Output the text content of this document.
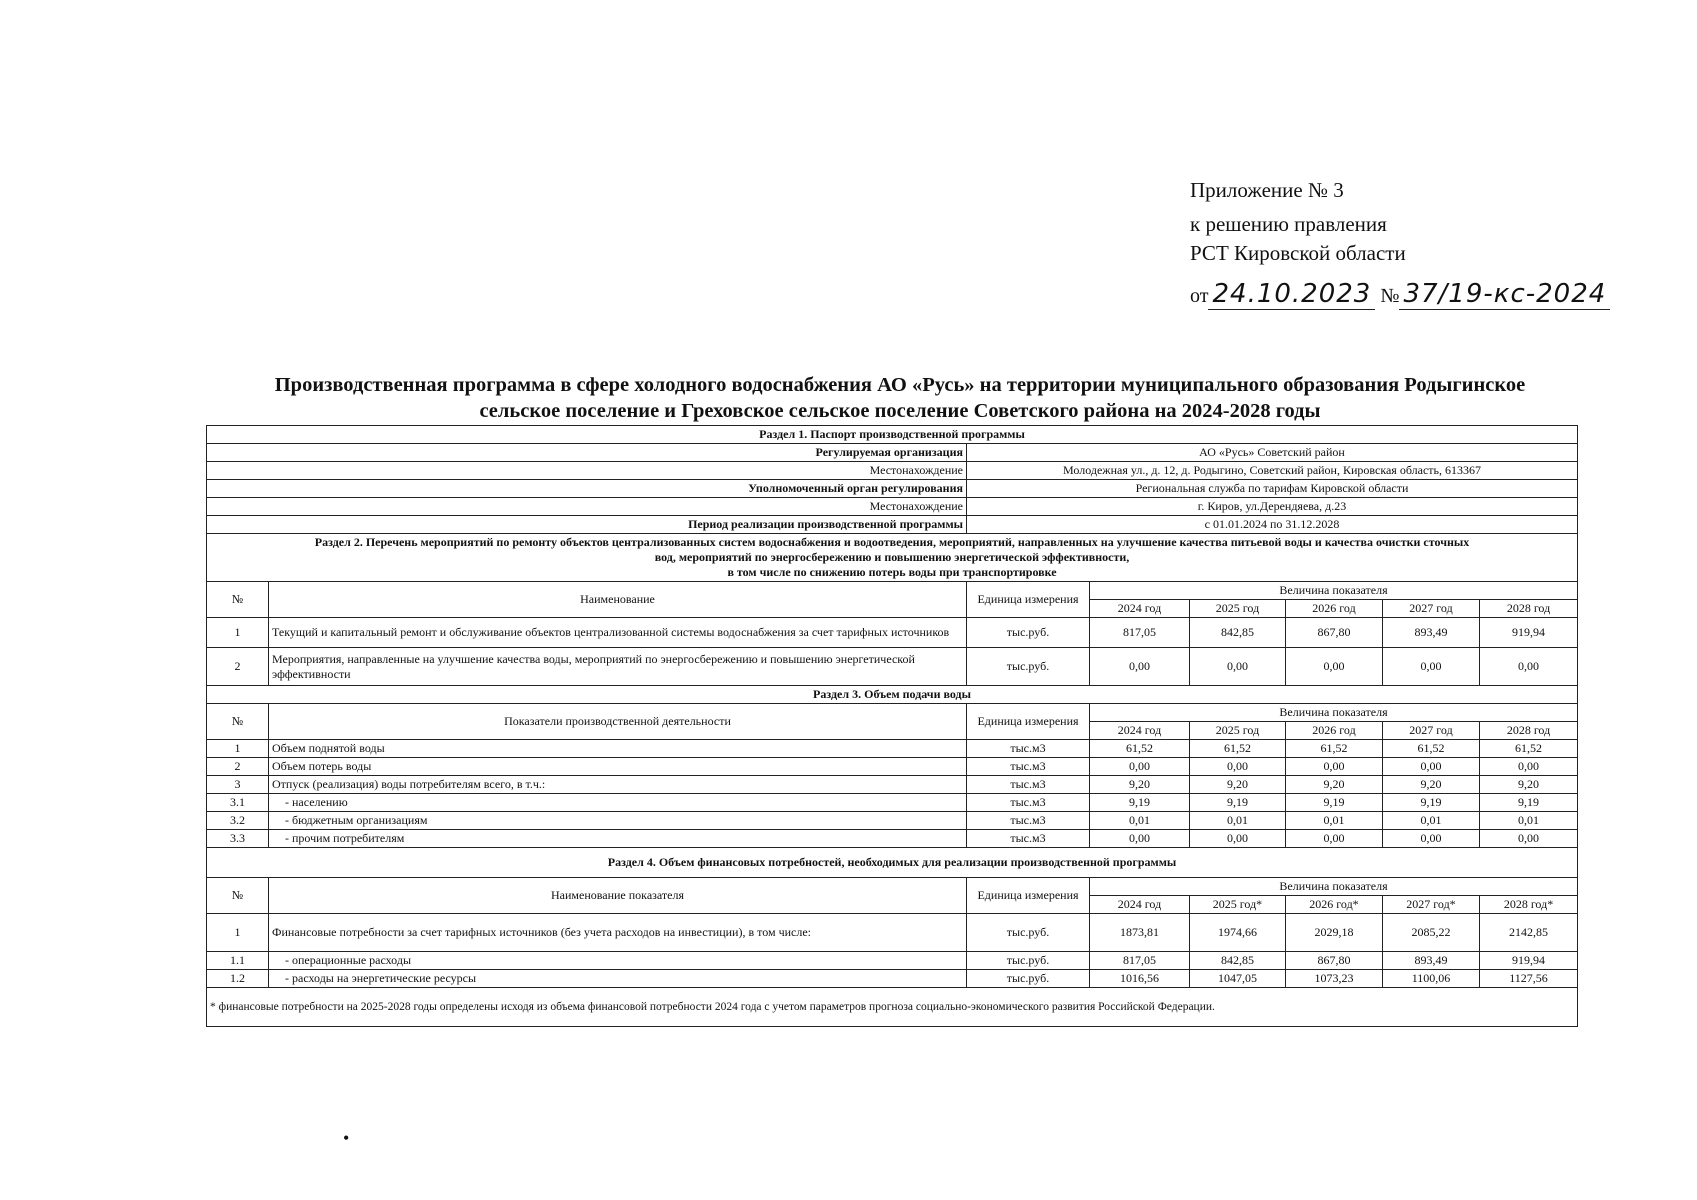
Приложение № 3
к решению правления
РСТ Кировской области
от 24.10.2023 № 37/19-кс-2024
Производственная программа в сфере холодного водоснабжения АО «Русь» на территории муниципального образования Родыгинское
сельское поселение и Греховское сельское поселение Советского района на 2024-2028 годы
Раздел 1. Паспорт производственной программы							
Регулируемая организация		АО «Русь» Советский район					
Местонахождение		Молодежная ул., д. 12, д. Родыгино, Советский район, Кировская область, 613367					
Уполномоченный орган регулирования		Региональная служба по тарифам Кировской области					
Местонахождение		г. Киров, ул.Дерендяева, д.23					
Период реализации производственной программы		с 01.01.2024 по 31.12.2028					

Раздел 2. Перечень мероприятий по ремонту объектов централизованных систем водоснабжения и водоотведения, мероприятий, направленных на улучшение качества питьевой воды и качества очистки сточных
вод, мероприятий по энергосбережению и повышению энергетической эффективности,
в том числе по снижению потерь воды при транспортировке							

№	Наименование	Единица измерения	Величина показателя				
			2024 год	2025 год	2026 год	2027 год	2028 год
1	Текущий и капитальный ремонт и обслуживание объектов централизованной системы водоснабжения за счет тарифных источников	тыс.руб.	817,05	842,85	867,80	893,49	919,94
2	Мероприятия, направленные на улучшение качества воды, мероприятий по энергосбережению и повышению энергетической эффективности	тыс.руб.	0,00	0,00	0,00	0,00	0,00
Раздел 3. Объем подачи воды							
№	Показатели производственной деятельности	Единица измерения	Величина показателя				
			2024 год	2025 год	2026 год	2027 год	2028 год
1	Объем поднятой воды	тыс.м3	61,52	61,52	61,52	61,52	61,52
2	Объем потерь воды	тыс.м3	0,00	0,00	0,00	0,00	0,00
3	Отпуск (реализация) воды потребителям всего, в т.ч.:	тыс.м3	9,20	9,20	9,20	9,20	9,20
3.1	- населению	тыс.м3	9,19	9,19	9,19	9,19	9,19
3.2	- бюджетным организациям	тыс.м3	0,01	0,01	0,01	0,01	0,01
3.3	- прочим потребителям	тыс.м3	0,00	0,00	0,00	0,00	0,00
Раздел 4. Объем финансовых потребностей, необходимых для реализации производственной программы							
№	Наименование показателя	Единица измерения	Величина показателя				
			2024 год	2025 год*	2026 год*	2027 год*	2028 год*
1	Финансовые потребности за счет тарифных источников (без учета расходов на инвестиции), в том числе:	тыс.руб.	1873,81	1974,66	2029,18	2085,22	2142,85
1.1	- операционные расходы	тыс.руб.	817,05	842,85	867,80	893,49	919,94
1.2	- расходы на энергетические ресурсы	тыс.руб.	1016,56	1047,05	1073,23	1100,06	1127,56
* финансовые потребности на 2025-2028 годы определены исходя из объема финансовой потребности 2024 года с учетом параметров прогноза социально-экономического развития Российской Федерации.							
•
